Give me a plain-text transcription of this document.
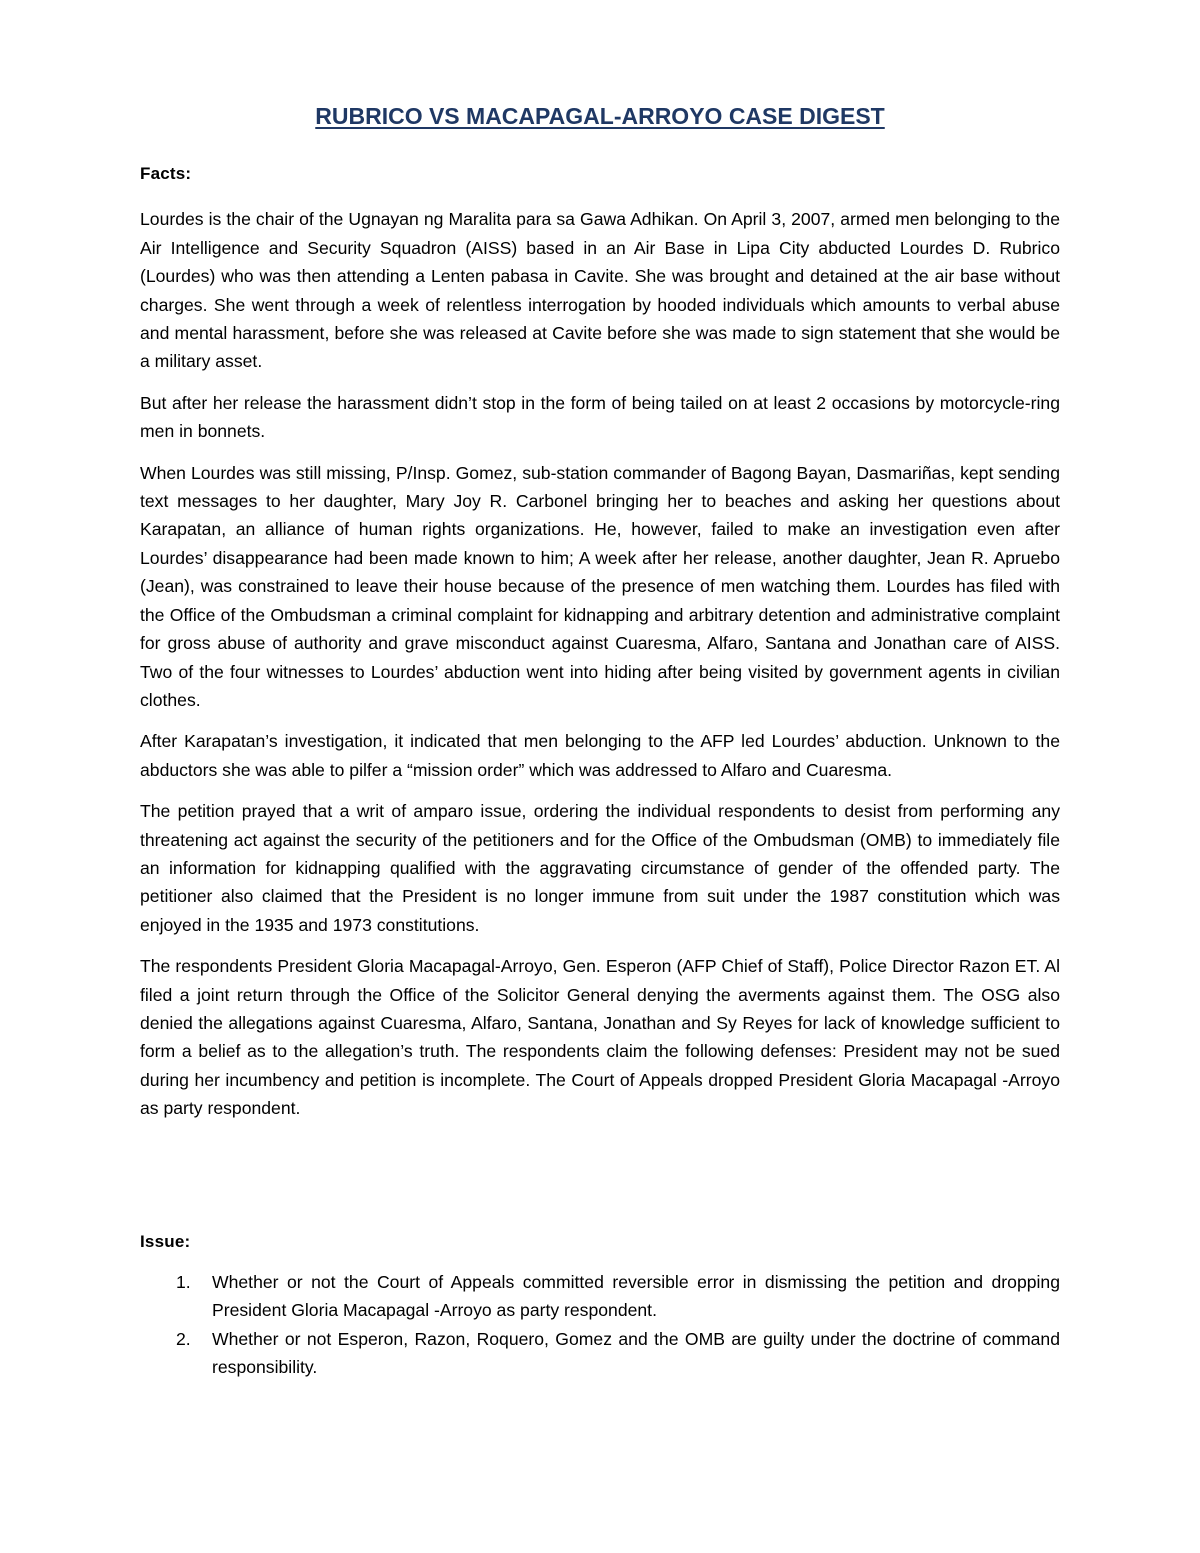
RUBRICO VS MACAPAGAL-ARROYO CASE DIGEST

Facts:

Lourdes is the chair of the Ugnayan ng Maralita para sa Gawa Adhikan. On April 3, 2007, armed men belonging to the Air Intelligence and Security Squadron (AISS) based in an Air Base in Lipa City abducted Lourdes D. Rubrico (Lourdes) who was then attending a Lenten pabasa in Cavite. She was brought and detained at the air base without charges. She went through a week of relentless interrogation by hooded individuals which amounts to verbal abuse and mental harassment, before she was released at Cavite before she was made to sign statement that she would be a military asset.

But after her release the harassment didn’t stop in the form of being tailed on at least 2 occasions by motorcycle-ring men in bonnets.

When Lourdes was still missing, P/Insp. Gomez, sub-station commander of Bagong Bayan, Dasmariñas, kept sending text messages to her daughter, Mary Joy R. Carbonel bringing her to beaches and asking her questions about Karapatan, an alliance of human rights organizations. He, however, failed to make an investigation even after Lourdes’ disappearance had been made known to him; A week after her release, another daughter, Jean R. Apruebo (Jean), was constrained to leave their house because of the presence of men watching them. Lourdes has filed with the Office of the Ombudsman a criminal complaint for kidnapping and arbitrary detention and administrative complaint for gross abuse of authority and grave misconduct against Cuaresma, Alfaro, Santana and Jonathan care of AISS. Two of the four witnesses to Lourdes’ abduction went into hiding after being visited by government agents in civilian clothes.

After Karapatan’s investigation, it indicated that men belonging to the AFP led Lourdes’ abduction. Unknown to the abductors she was able to pilfer a “mission order” which was addressed to Alfaro and Cuaresma.

The petition prayed that a writ of amparo issue, ordering the individual respondents to desist from performing any threatening act against the security of the petitioners and for the Office of the Ombudsman (OMB) to immediately file an information for kidnapping qualified with the aggravating circumstance of gender of the offended party. The petitioner also claimed that the President is no longer immune from suit under the 1987 constitution which was enjoyed in the 1935 and 1973 constitutions.

The respondents President Gloria Macapagal-Arroyo, Gen. Esperon (AFP Chief of Staff), Police Director Razon ET. Al filed a joint return through the Office of the Solicitor General denying the averments against them. The OSG also denied the allegations against Cuaresma, Alfaro, Santana, Jonathan and Sy Reyes for lack of knowledge sufficient to form a belief as to the allegation’s truth. The respondents claim the following defenses: President may not be sued during her incumbency and petition is incomplete. The Court of Appeals dropped President Gloria Macapagal -Arroyo as party respondent.

Issue:

1. Whether or not the Court of Appeals committed reversible error in dismissing the petition and dropping President Gloria Macapagal -Arroyo as party respondent.
2. Whether or not Esperon, Razon, Roquero, Gomez and the OMB are guilty under the doctrine of command responsibility.
